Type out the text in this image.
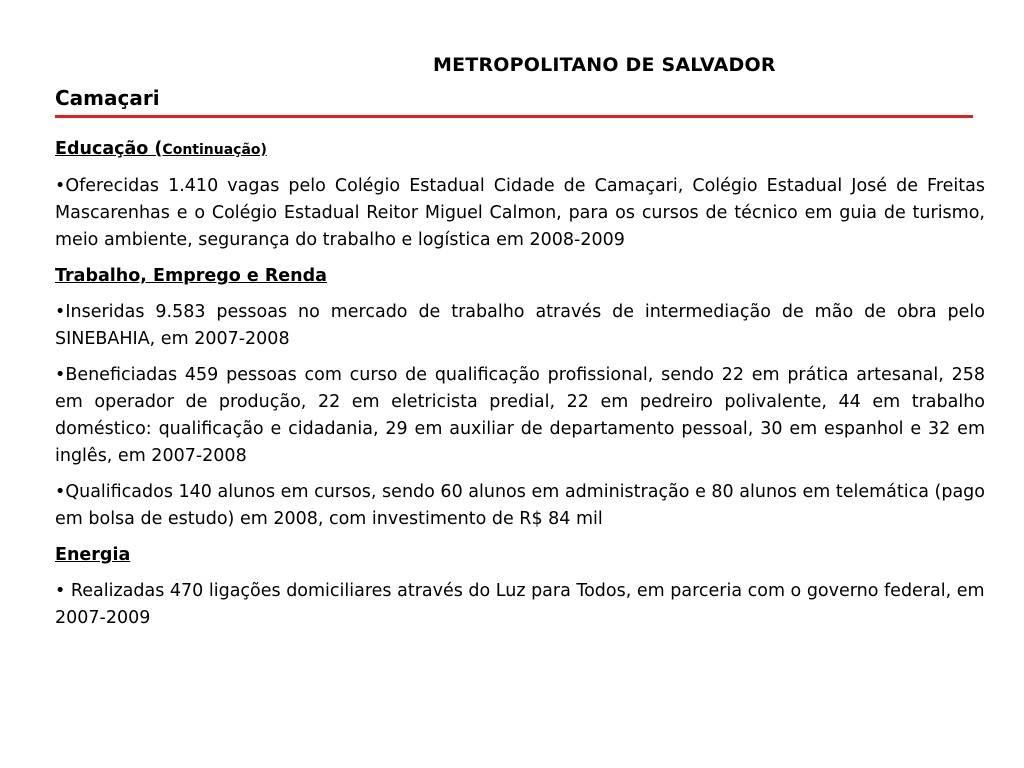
METROPOLITANO DE SALVADOR
Camaçari
Educação (Continuação)
•Oferecidas 1.410 vagas pelo Colégio Estadual Cidade de Camaçari, Colégio Estadual José de Freitas Mascarenhas e o Colégio Estadual Reitor Miguel Calmon, para os cursos de técnico em guia de turismo, meio ambiente, segurança do trabalho e logística em 2008-2009
Trabalho, Emprego e Renda
•Inseridas 9.583 pessoas no mercado de trabalho através de intermediação de mão de obra pelo SINEBAHIA, em 2007-2008
•Beneficiadas 459 pessoas com curso de qualificação profissional, sendo 22 em prática artesanal, 258 em operador de produção, 22 em eletricista predial, 22 em pedreiro polivalente, 44 em trabalho doméstico: qualificação e cidadania, 29 em auxiliar de departamento pessoal, 30 em espanhol e 32 em inglês, em 2007-2008
•Qualificados 140 alunos em cursos, sendo 60 alunos em administração e 80 alunos em telemática (pago em bolsa de estudo) em 2008, com investimento de R$ 84 mil
Energia
• Realizadas 470 ligações domiciliares através do Luz para Todos, em parceria com o governo federal, em 2007-2009
